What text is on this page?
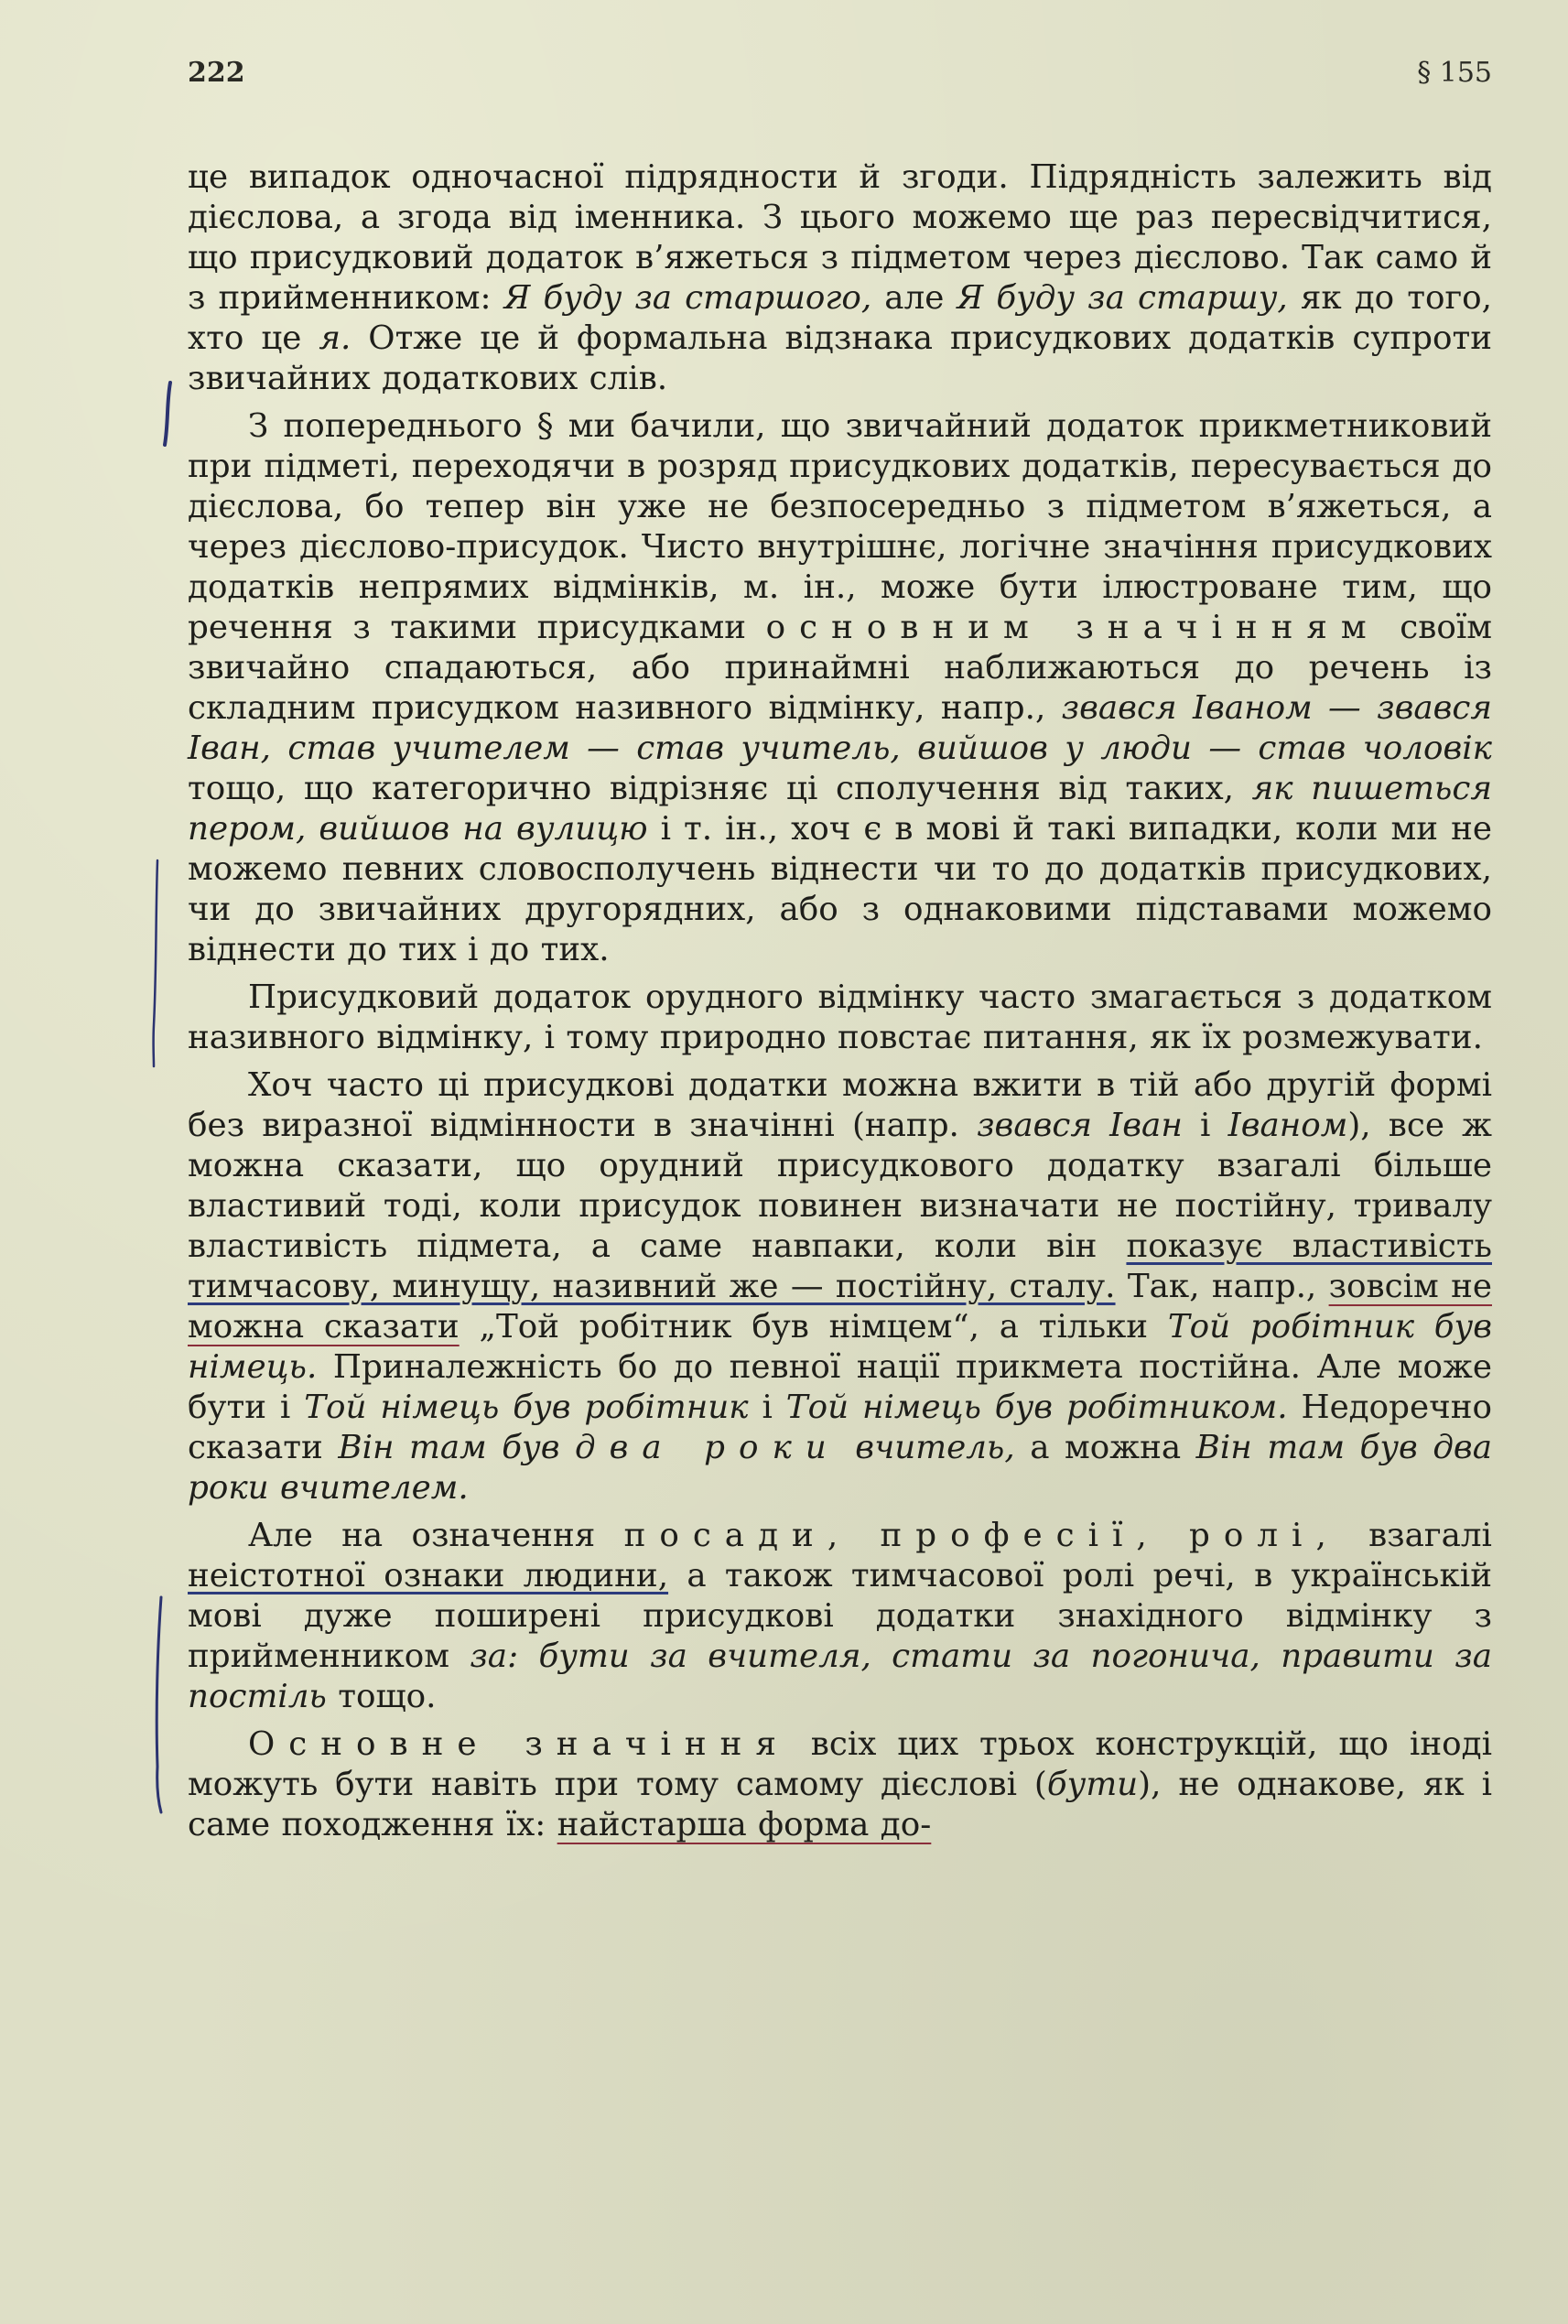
222	§ 155

це випадок одночасної підрядности й згоди. Підрядність залежить від дієслова, а згода від іменника. З цього можемо ще раз пересвідчитися, що присудковий додаток в’яжеться з підметом через дієслово. Так само й з прийменником: Я буду за старшого, але Я буду за старшу, як до того, хто це я. Отже це й формальна відзнака присудкових додатків супроти звичайних додаткових слів.

З попереднього § ми бачили, що звичайний додаток прикметниковий при підметі, переходячи в розряд присудкових додатків, пересувається до дієслова, бо тепер він уже не безпосередньо з підметом в’яжеться, а через дієслово-присудок. Чисто внутрішнє, логічне значіння присудкових додатків непрямих відмінків, м. ін., може бути ілюстроване тим, що речення з такими присудками основним значінням своїм звичайно спадаються, або принаймні наближаються до речень із складним присудком називного відмінку, напр., звався Іваном — звався Іван, став учителем — став учитель, вийшов у люди — став чоловік тощо, що категорично відрізняє ці сполучення від таких, як пишеться пером, вийшов на вулицю і т. ін., хоч є в мові й такі випадки, коли ми не можемо певних словосполучень віднести чи то до додатків присудкових, чи до звичайних другорядних, або з однаковими підставами можемо віднести до тих і до тих.

Присудковий додаток орудного відмінку часто змагається з додатком називного відмінку, і тому природно повстає питання, як їх розмежувати.

Хоч часто ці присудкові додатки можна вжити в тій або другій формі без виразної відмінности в значінні (напр. звався Іван і Іваном), все ж можна сказати, що орудний присудкового додатку взагалі більше властивий тоді, коли присудок повинен визначати не постійну, тривалу властивість підмета, а саме навпаки, коли він показує властивість тимчасову, минущу, називний же — постійну, сталу. Так, напр., зовсім не можна сказати „Той робітник був німцем“, а тільки Той робітник був німець. Приналежність бо до певної нації прикмета постійна. Але може бути і Той німець був робітник і Той німець був робітником. Недоречно сказати Він там був два роки вчитель, а можна Він там був два роки вчителем.

Але на означення посади, професії, ролі, взагалі неістотної ознаки людини, а також тимчасової ролі речі, в українській мові дуже поширені присудкові додатки знахідного відмінку з прийменником за: бути за вчителя, стати за погонича, правити за постіль тощо.

Основне значіння всіх цих трьох конструкцій, що іноді можуть бути навіть при тому самому дієслові (бути), не однакове, як і саме походження їх: найстарша форма до-
